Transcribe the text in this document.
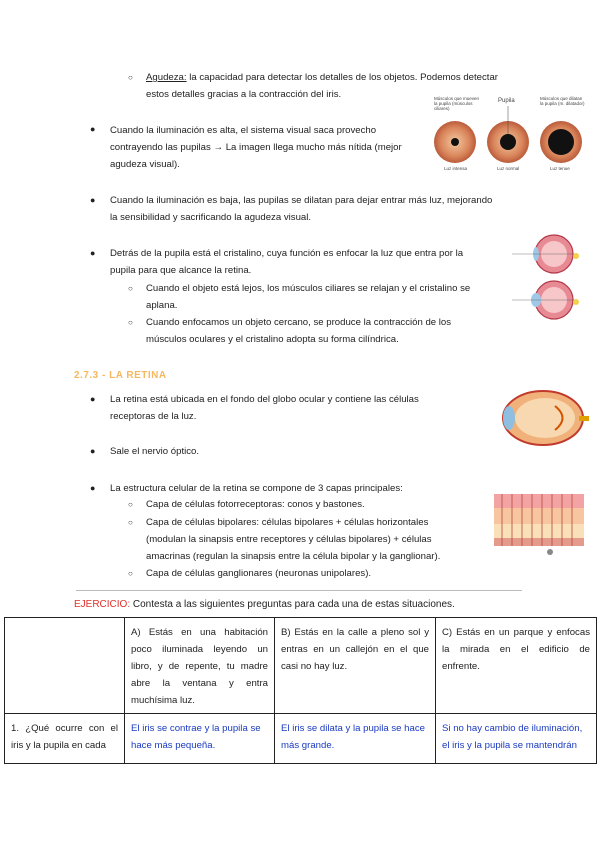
○ Agudeza: la capacidad para detectar los detalles de los objetos. Podemos detectar
estos detalles gracias a la contracción del iris.	Músculos que mueven la pupila (músculos ciliares)
Pupila	Músculos que dilatan la pupila (m. dilatador)
Luz intensa	Luz normal	Luz tenue
● Cuando la iluminación es alta, el sistema visual saca provecho
contrayendo las pupilas → La imagen llega mucho más nítida (mejor
agudeza visual).
● Cuando la iluminación es baja, las pupilas se dilatan para dejar entrar más luz, mejorando
la sensibilidad y sacrificando la agudeza visual.
● Detrás de la pupila está el cristalino, cuya función es enfocar la luz que entra por la
pupila para que alcance la retina.
○ Cuando el objeto está lejos, los músculos ciliares se relajan y el cristalino se
aplana.
○ Cuando enfocamos un objeto cercano, se produce la contracción de los
músculos oculares y el cristalino adopta su forma cilíndrica.
2.7.3 - LA RETINA
● La retina está ubicada en el fondo del globo ocular y contiene las células
receptoras de la luz.
● Sale el nervio óptico.
● La estructura celular de la retina se compone de 3 capas principales:
○ Capa de células fotorreceptoras: conos y bastones.
○ Capa de células bipolares: células bipolares + células horizontales
(modulan la sinapsis entre receptores y células bipolares) + células
amacrinas (regulan la sinapsis entre la célula bipolar y la ganglionar).
○ Capa de células ganglionares (neuronas unipolares).
EJERCICIO: Contesta a las siguientes preguntas para cada una de estas situaciones.
	A) Estás en una habitación poco iluminada leyendo un libro, y de repente, tu madre abre la ventana y entra muchísima luz.	B) Estás en la calle a pleno sol y entras en un callejón en el que casi no hay luz.	C) Estás en un parque y enfocas la mirada en el edificio de enfrente.
1. ¿Qué ocurre con el iris y la pupila en cada	El iris se contrae y la pupila se hace más pequeña.	El iris se dilata y la pupila se hace más grande.	Si no hay cambio de iluminación, el iris y la pupila se mantendrán
